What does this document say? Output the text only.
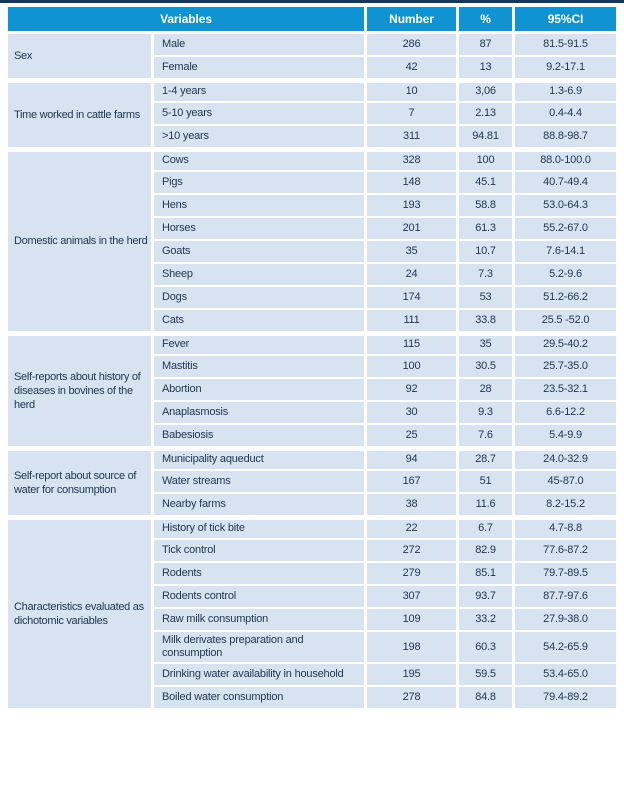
Variables		Number	%	95%CI
Sex	Male	286	87	81.5-91.5
	Female	42	13	9.2-17.1
Time worked in cattle farms	1-4 years	10	3,06	1.3-6.9
	5-10 years	7	2.13	0.4-4.4
	>10 years	311	94.81	88.8-98.7
Domestic animals in the herd	Cows	328	100	88.0-100.0
	Pigs	148	45.1	40.7-49.4
	Hens	193	58.8	53.0-64.3
	Horses	201	61.3	55.2-67.0
	Goats	35	10.7	7.6-14.1
	Sheep	24	7.3	5.2-9.6
	Dogs	174	53	51.2-66.2
	Cats	111	33.8	25.5 -52.0
Self-reports about history of diseases in bovines of the herd	Fever	115	35	29.5-40.2
	Mastitis	100	30.5	25.7-35.0
	Abortion	92	28	23.5-32.1
	Anaplasmosis	30	9.3	6.6-12.2
	Babesiosis	25	7.6	5.4-9.9
Self-report about source of water for consumption	Municipality aqueduct	94	28.7	24.0-32.9
	Water streams	167	51	45-87.0
	Nearby farms	38	11.6	8.2-15.2
Characteristics evaluated as dichotomic variables	History of tick bite	22	6.7	4.7-8.8
	Tick control	272	82.9	77.6-87.2
	Rodents	279	85.1	79.7-89.5
	Rodents control	307	93.7	87.7-97.6
	Raw milk consumption	109	33.2	27.9-38.0
	Milk derivates preparation and consumption	198	60.3	54.2-65.9
	Drinking water availability in household	195	59.5	53.4-65.0
	Boiled water consumption	278	84.8	79.4-89.2
